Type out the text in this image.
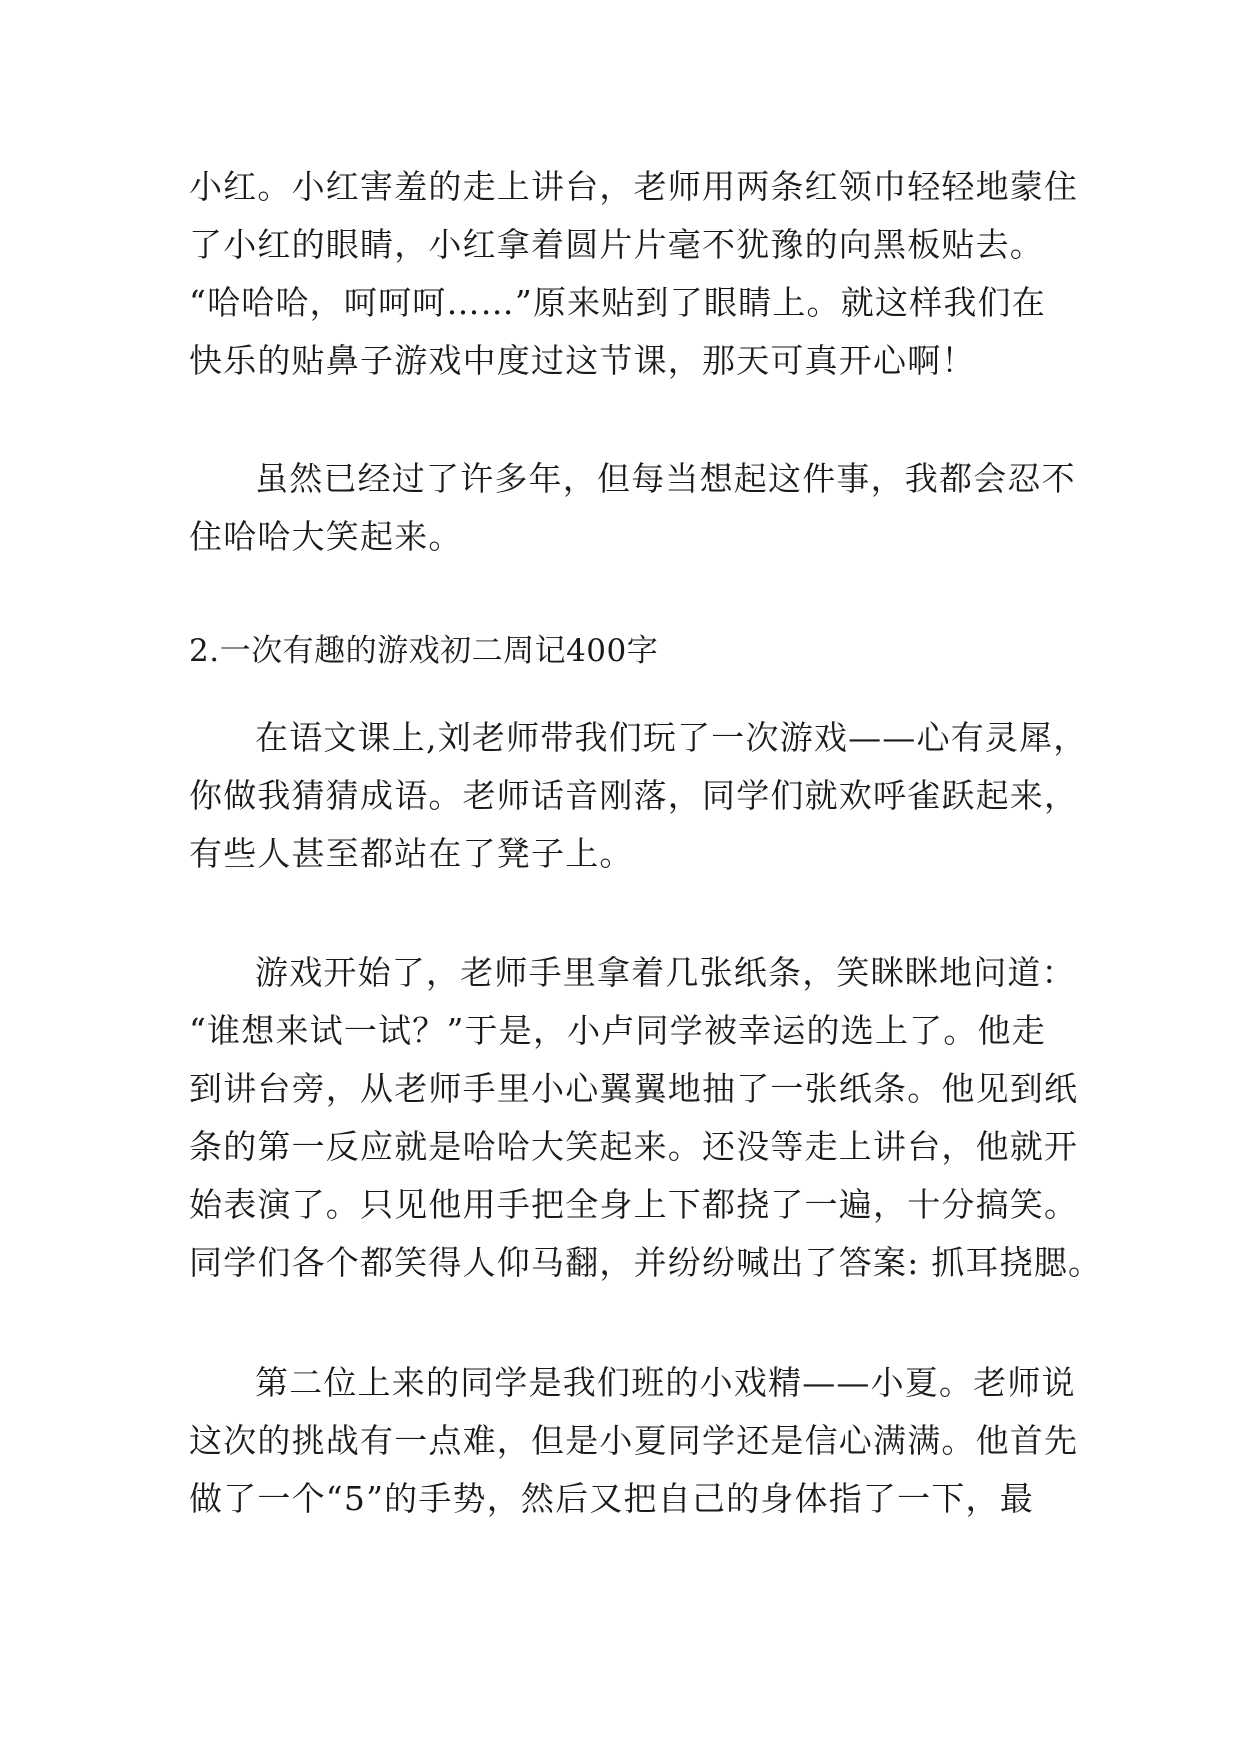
小红。小红害羞的走上讲台，老师用两条红领巾轻轻地蒙住
了小红的眼睛，小红拿着圆片片毫不犹豫的向黑板贴去。
“哈哈哈，呵呵呵……”原来贴到了眼睛上。就这样我们在
快乐的贴鼻子游戏中度过这节课，那天可真开心啊！
虽然已经过了许多年，但每当想起这件事，我都会忍不
住哈哈大笑起来。
2.一次有趣的游戏初二周记400字
在语文课上,刘老师带我们玩了一次游戏——心有灵犀，
你做我猜猜成语。老师话音刚落，同学们就欢呼雀跃起来，
有些人甚至都站在了凳子上。
游戏开始了，老师手里拿着几张纸条，笑眯眯地问道：
“谁想来试一试？”于是，小卢同学被幸运的选上了。他走
到讲台旁，从老师手里小心翼翼地抽了一张纸条。他见到纸
条的第一反应就是哈哈大笑起来。还没等走上讲台，他就开
始表演了。只见他用手把全身上下都挠了一遍，十分搞笑。
同学们各个都笑得人仰马翻，并纷纷喊出了答案: 抓耳挠腮。
第二位上来的同学是我们班的小戏精——小夏。老师说
这次的挑战有一点难，但是小夏同学还是信心满满。他首先
做了一个“5”的手势，然后又把自己的身体指了一下，最
